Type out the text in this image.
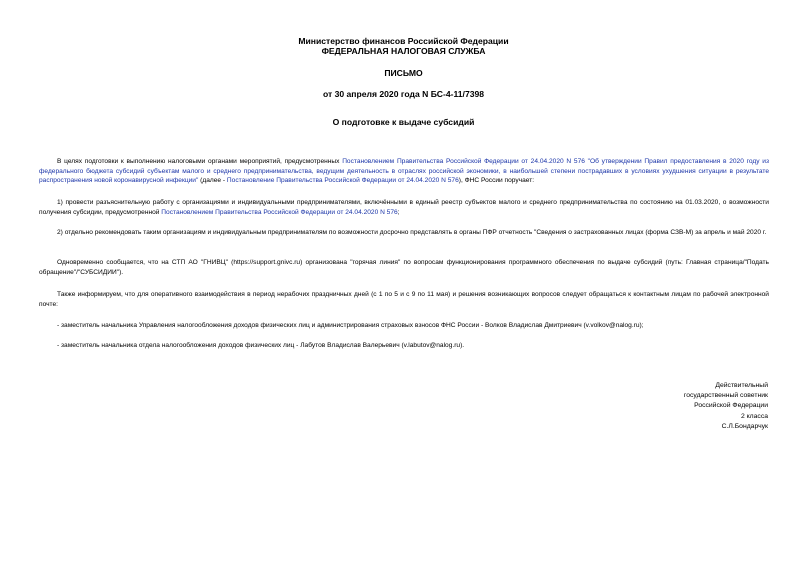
Министерство финансов Российской Федерации
ФЕДЕРАЛЬНАЯ НАЛОГОВАЯ СЛУЖБА
ПИСЬМО
от 30 апреля 2020 года N БС-4-11/7398
О подготовке к выдаче субсидий

В целях подготовки к выполнению налоговыми органами мероприятий, предусмотренных Постановлением Правительства Российской Федерации от 24.04.2020 N 576 "Об утверждении Правил предоставления в 2020 году из федерального бюджета субсидий субъектам малого и среднего предпринимательства, ведущим деятельность в отраслях российской экономики, в наибольшей степени пострадавших в условиях ухудшения ситуации в результате распространения новой коронавирусной инфекции" (далее - Постановление Правительства Российской Федерации от 24.04.2020 N 576), ФНС России поручает:

1) провести разъяснительную работу с организациями и индивидуальными предпринимателями, включёнными в единый реестр субъектов малого и среднего предпринимательства по состоянию на 01.03.2020, о возможности получения субсидии, предусмотренной Постановлением Правительства Российской Федерации от 24.04.2020 N 576;

2) отдельно рекомендовать таким организациям и индивидуальным предпринимателям по возможности досрочно представлять в органы ПФР отчетность "Сведения о застрахованных лицах (форма СЗВ-М) за апрель и май 2020 г.

Одновременно сообщается, что на СТП АО "ГНИВЦ" (https://support.gnivc.ru) организована "горячая линия" по вопросам функционирования программного обеспечения по выдаче субсидий (путь: Главная страница/"Подать обращение"/"СУБСИДИИ").

Также информируем, что для оперативного взаимодействия в период нерабочих праздничных дней (с 1 по 5 и с 9 по 11 мая) и решения возникающих вопросов следует обращаться к контактным лицам по рабочей электронной почте:

- заместитель начальника Управления налогообложения доходов физических лиц и администрирования страховых взносов ФНС России - Волков Владислав Дмитриевич (v.volkov@nalog.ru);

- заместитель начальника отдела налогообложения доходов физических лиц - Лабутов Владислав Валерьевич (v.labutov@nalog.ru).

Действительный
государственный советник
Российской Федерации
2 класса
С.Л.Бондарчук
